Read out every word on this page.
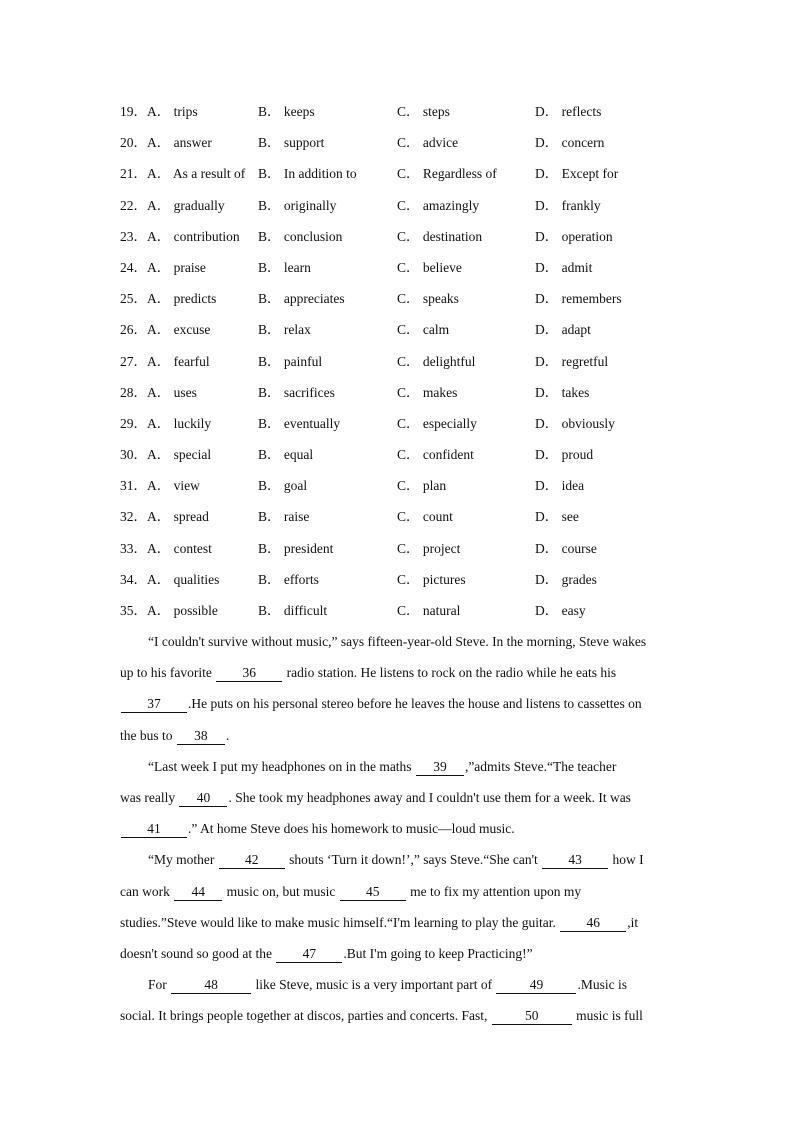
19． A． trips	B． keeps	C． steps	D． reflects
20． A． answer	B． support	C． advice	D． concern
21． A． As a result of B． In addition to	C． Regardless of	D． Except for
22． A． gradually B． originally	C． amazingly	D． frankly
23． A． contribution B． conclusion	C． destination	D． operation
24． A． praise	B． learn	C． believe	D． admit
25． A． predicts	B． appreciates	C． speaks	D． remembers
26． A． excuse	B． relax	C． calm	D． adapt
27． A． fearful	B． painful	C． delightful	D． regretful
28． A． uses	B． sacrifices	C． makes	D． takes
29． A． luckily	B． eventually	C． especially	D． obviously
30． A． special	B． equal	C． confident	D． proud
31． A． view	B． goal	C． plan	D． idea
32． A． spread	B． raise	C． count	D． see
33． A． contest	B． president	C． project	D． course
34． A． qualities	B． efforts	C． pictures	D． grades
35． A． possible	B． difficult	C． natural	D． easy
“I couldn't survive without music,” says fifteen-year-old Steve. In the morning, Steve wakes
up to his favorite 36 radio station. He listens to rock on the radio while he eats his
37 .He puts on his personal stereo before he leaves the house and listens to cassettes on
the bus to 38 .
“Last week I put my headphones on in the maths 39 ,”admits Steve.“The teacher
was really 40 . She took my headphones away and I couldn't use them for a week. It was
41 .” At home Steve does his homework to music—loud music.
“My mother 42 shouts ‘Turn it down!’,” says Steve.“She can't 43 how I
can work 44 music on, but music 45 me to fix my attention upon my
studies.”Steve would like to make music himself.“I'm learning to play the guitar. 46 ,it
doesn't sound so good at the 47 .But I'm going to keep Practicing!”
For	48	like Steve, music is a very important part of	49	.Music is
social. It brings people together at discos, parties and concerts. Fast,	50	music is full
